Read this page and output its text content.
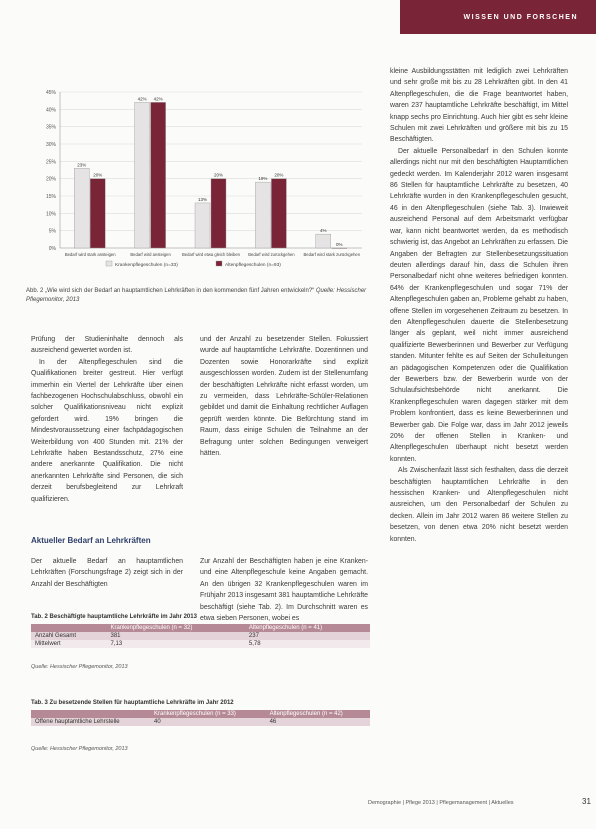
WISSEN UND FORSCHEN
0%
5%
10%
15%
20%
25%
30%
35%
40%
45%
23%
20%
Bedarf wird stark ansteigen
42%
Bedarf wird ansteigen
13%
20%
Bedarf wird etwa gleich bleiben
19%
20%
Bedarf wird zurückgehen
4%
0%
Bedarf wird stark zurückgehen
42%
Krankenpflegeschulen (n=33)	Altenpflegeschulen (n=93)
Abb. 2 „Wie wird sich der Bedarf an hauptamtlichen Lehrkräften in den kommenden fünf Jahren entwickeln?“ Quelle: Hessischer Pflegemonitor, 2013

Prüfung der Studieninhalte dennoch als ausreichend gewertet worden ist.

In der Altenpflegeschulen sind die Qualifikationen breiter gestreut. Hier verfügt immerhin ein Viertel der Lehrkräfte über einen fachbezogenen Hochschulabschluss, obwohl ein solcher Qualifikationsniveau nicht explizit gefordert wird. 19% bringen die Mindestvoraussetzung einer fachpädagogischen Weiterbildung von 400 Stunden mit. 21% der Lehrkräfte haben Bestandsschutz, 27% eine andere anerkannte Qualifikation. Die nicht anerkannten Lehrkräfte sind Personen, die sich derzeit berufsbegleitend zur Lehrkraft qualifizieren.

und der Anzahl zu besetzender Stellen. Fokussiert wurde auf hauptamtliche Lehrkräfte. Dozentinnen und Dozenten sowie Honorarkräfte sind explizit ausgeschlossen worden. Zudem ist der Stellenumfang der beschäftigten Lehrkräfte nicht erfasst worden, um zu vermeiden, dass Lehrkräfte-Schüler-Relationen gebildet und damit die Einhaltung rechtlicher Auflagen geprüft werden könnte. Die Befürchtung stand im Raum, dass einige Schulen die Teilnahme an der Befragung unter solchen Bedingungen verweigert hätten.

Aktueller Bedarf an Lehrkräften

Der aktuelle Bedarf an hauptamtlichen Lehrkräften (Forschungsfrage 2) zeigt sich in der Anzahl der Beschäftigten

Zur Anzahl der Beschäftigten haben je eine Kranken- und eine Altenpflegeschule keine Angaben gemacht. An den übrigen 32 Krankenpflegeschulen waren im Frühjahr 2013 insgesamt 381 hauptamtliche Lehrkräfte beschäftigt (siehe Tab. 2). Im Durchschnitt waren es etwa sieben Personen, wobei es

kleine Ausbildungsstätten mit lediglich zwei Lehrkräften und sehr große mit bis zu 28 Lehrkräften gibt. In den 41 Altenpflegeschulen, die die Frage beantwortet haben, waren 237 hauptamtliche Lehrkräfte beschäftigt, im Mittel knapp sechs pro Einrichtung. Auch hier gibt es sehr kleine Schulen mit zwei Lehrkräften und größere mit bis zu 15 Beschäftigten.

Der aktuelle Personalbedarf in den Schulen konnte allerdings nicht nur mit den beschäftigten Hauptamtlichen gedeckt werden. Im Kalenderjahr 2012 waren insgesamt 86 Stellen für hauptamtliche Lehrkräfte zu besetzen, 40 Lehrkräfte wurden in den Krankenpflegeschulen gesucht, 46 in den Altenpflegeschulen (siehe Tab. 3). Inwieweit ausreichend Personal auf dem Arbeitsmarkt verfügbar war, kann nicht beantwortet werden, da es methodisch schwierig ist, das Angebot an Lehrkräften zu erfassen. Die Angaben der Befragten zur Stellenbesetzungssituation deuten allerdings darauf hin, dass die Schulen ihren Personalbedarf nicht ohne weiteres befriedigen konnten. 64% der Krankenpflegeschulen und sogar 71% der Altenpflegeschulen gaben an, Probleme gehabt zu haben, offene Stellen im vorgesehenen Zeitraum zu besetzen. In den Altenpflegeschulen dauerte die Stellenbesetzung länger als geplant, weil nicht immer ausreichend qualifizierte Bewerberinnen und Bewerber zur Verfügung standen. Mitunter fehlte es auf Seiten der Schulleitungen an pädagogischen Kompetenzen oder die Qualifikation der Bewerbers bzw. der Bewerberin wurde von der Schulaufsichtsbehörde nicht anerkannt. Die Krankenpflegeschulen waren dagegen stärker mit dem Problem konfrontiert, dass es keine Bewerberinnen und Bewerber gab. Die Folge war, dass im Jahr 2012 jeweils 20% der offenen Stellen in Kranken- und Altenpflegeschulen überhaupt nicht besetzt werden konnten.

Als Zwischenfazit lässt sich festhalten, dass die derzeit beschäftigten hauptamtlichen Lehrkräfte in den hessischen Kranken- und Altenpflegeschulen nicht ausreichen, um den Personalbedarf der Schulen zu decken. Allein im Jahr 2012 waren 86 weitere Stellen zu besetzen, von denen etwa 20% nicht besetzt werden konnten.

Tab. 2 Beschäftigte hauptamtliche Lehrkräfte im Jahr 2013
	Krankenpflegeschulen (n = 32)	Altenpflegeschulen (n = 41)
Anzahl Gesamt	381	237
Mittelwert	7,13	5,78
Quelle: Hessischer Pflegemonitor, 2013
Tab. 3 Zu besetzende Stellen für hauptamtliche Lehrkräfte im Jahr 2012
	Krankenpflegeschulen (n = 33)	Altenpflegeschulen (n = 42)
Offene hauptamtliche Lehrstelle	40	46
Quelle: Hessischer Pflegemonitor, 2013
Demographie | Pflege 2013 | Pflegemanagement | Aktuelles	31
